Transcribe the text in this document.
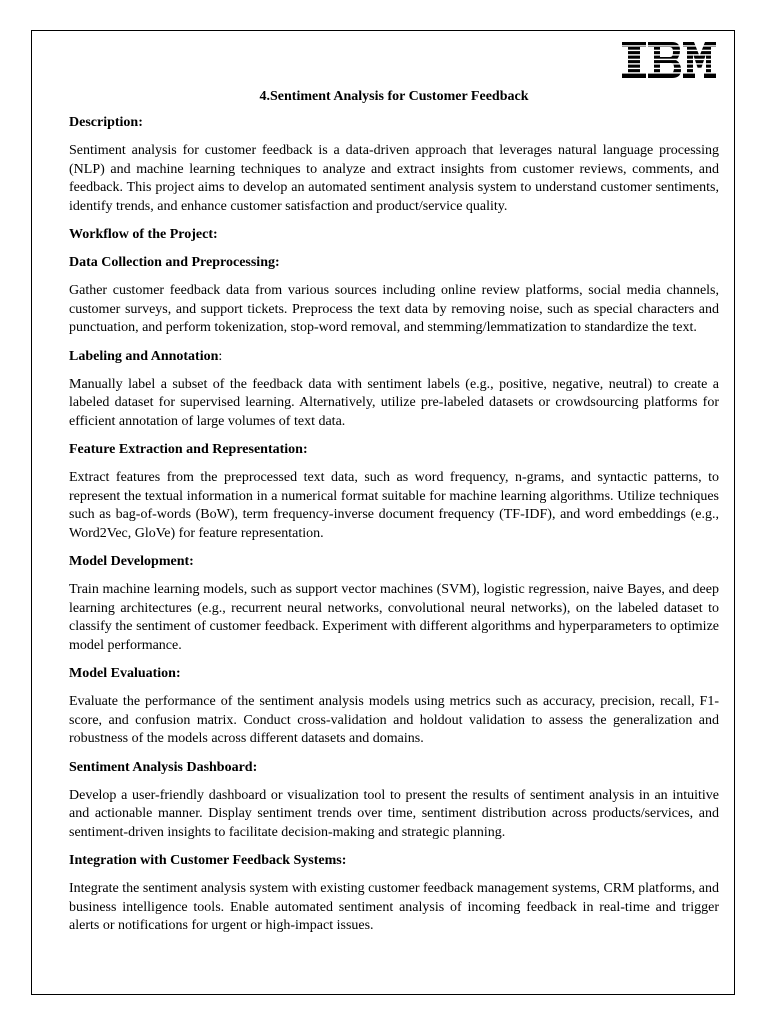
4.Sentiment Analysis for Customer Feedback

Description:

Sentiment analysis for customer feedback is a data-driven approach that leverages natural language processing (NLP) and machine learning techniques to analyze and extract insights from customer reviews, comments, and feedback. This project aims to develop an automated sentiment analysis system to understand customer sentiments, identify trends, and enhance customer satisfaction and product/service quality.

Workflow of the Project:

Data Collection and Preprocessing:

Gather customer feedback data from various sources including online review platforms, social media channels, customer surveys, and support tickets. Preprocess the text data by removing noise, such as special characters and punctuation, and perform tokenization, stop-word removal, and stemming/lemmatization to standardize the text.

Labeling and Annotation:

Manually label a subset of the feedback data with sentiment labels (e.g., positive, negative, neutral) to create a labeled dataset for supervised learning. Alternatively, utilize pre-labeled datasets or crowdsourcing platforms for efficient annotation of large volumes of text data.

Feature Extraction and Representation:

Extract features from the preprocessed text data, such as word frequency, n-grams, and syntactic patterns, to represent the textual information in a numerical format suitable for machine learning algorithms. Utilize techniques such as bag-of-words (BoW), term frequency-inverse document frequency (TF-IDF), and word embeddings (e.g., Word2Vec, GloVe) for feature representation.

Model Development:

Train machine learning models, such as support vector machines (SVM), logistic regression, naive Bayes, and deep learning architectures (e.g., recurrent neural networks, convolutional neural networks), on the labeled dataset to classify the sentiment of customer feedback. Experiment with different algorithms and hyperparameters to optimize model performance.

Model Evaluation:

Evaluate the performance of the sentiment analysis models using metrics such as accuracy, precision, recall, F1-score, and confusion matrix. Conduct cross-validation and holdout validation to assess the generalization and robustness of the models across different datasets and domains.

Sentiment Analysis Dashboard:

Develop a user-friendly dashboard or visualization tool to present the results of sentiment analysis in an intuitive and actionable manner. Display sentiment trends over time, sentiment distribution across products/services, and sentiment-driven insights to facilitate decision-making and strategic planning.

Integration with Customer Feedback Systems:

Integrate the sentiment analysis system with existing customer feedback management systems, CRM platforms, and business intelligence tools. Enable automated sentiment analysis of incoming feedback in real-time and trigger alerts or notifications for urgent or high-impact issues.
